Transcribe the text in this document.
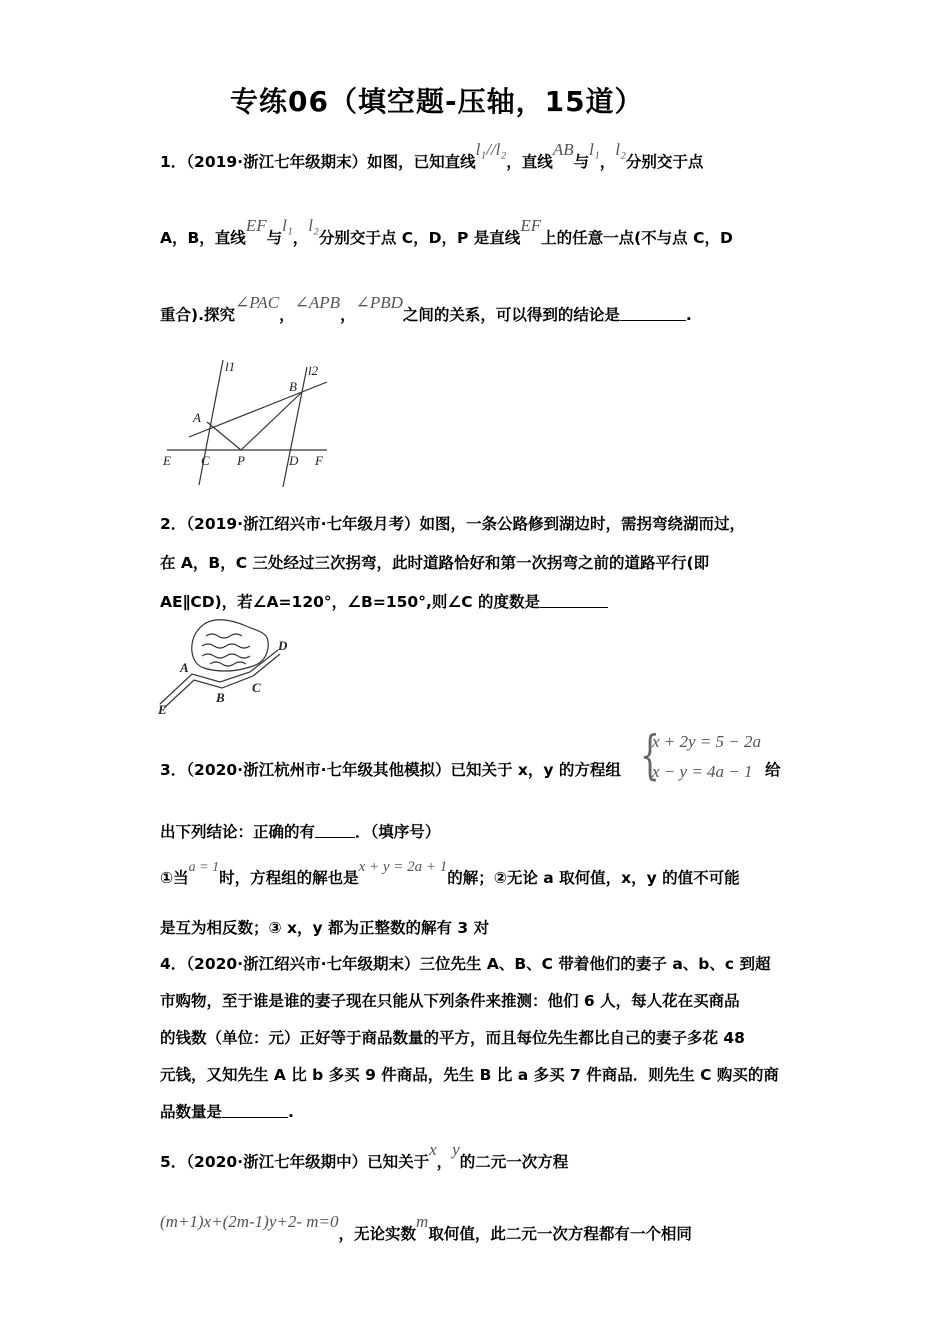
专练06（填空题-压轴，15道）
1．（2019·浙江七年级期末）如图，已知直线l₁//l₂，直线AB与l₁，l₂分别交于点
A，B，直线EF与l₁，l₂分别交于点 C，D，P 是直线EF上的任意一点(不与点 C，D
重合).探究∠PAC，∠APB，∠PBD之间的关系，可以得到的结论是	.
l1	l2
A
B
E C P	D F
2．（2019·浙江绍兴市·七年级月考）如图，一条公路修到湖边时，需拐弯绕湖而过，
在 A，B，C 三处经过三次拐弯，此时道路恰好和第一次拐弯之前的道路平行(即
AE∥CD)，若∠A=120°，∠B=150°,则∠C 的度数是
A
B
C
D
E
3．（2020·浙江杭州市·七年级其他模拟）已知关于 x，y 的方程组 {
x + 2y = 5 − 2a
x − y = 4a − 1 给
出下列结论：正确的有	．（填序号）
①当a = 1时，方程组的解也是x + y = 2a + 1的解；②无论 a 取何值，x，y 的值不可能
是互为相反数；③ x，y 都为正整数的解有 3 对
4．（2020·浙江绍兴市·七年级期末）三位先生 A、B、C 带着他们的妻子 a、b、c 到超
市购物，至于谁是谁的妻子现在只能从下列条件来推测：他们 6 人，每人花在买商品
的钱数（单位：元）正好等于商品数量的平方，而且每位先生都比自己的妻子多花 48
元钱，又知先生 A 比 b 多买 9 件商品，先生 B 比 a 多买 7 件商品．则先生 C 购买的商
品数量是	.
5．（2020·浙江七年级期中）已知关于x，y的二元一次方程
(m+1)x+(2m-1)y+2- m=0，无论实数m取何值，此二元一次方程都有一个相同
